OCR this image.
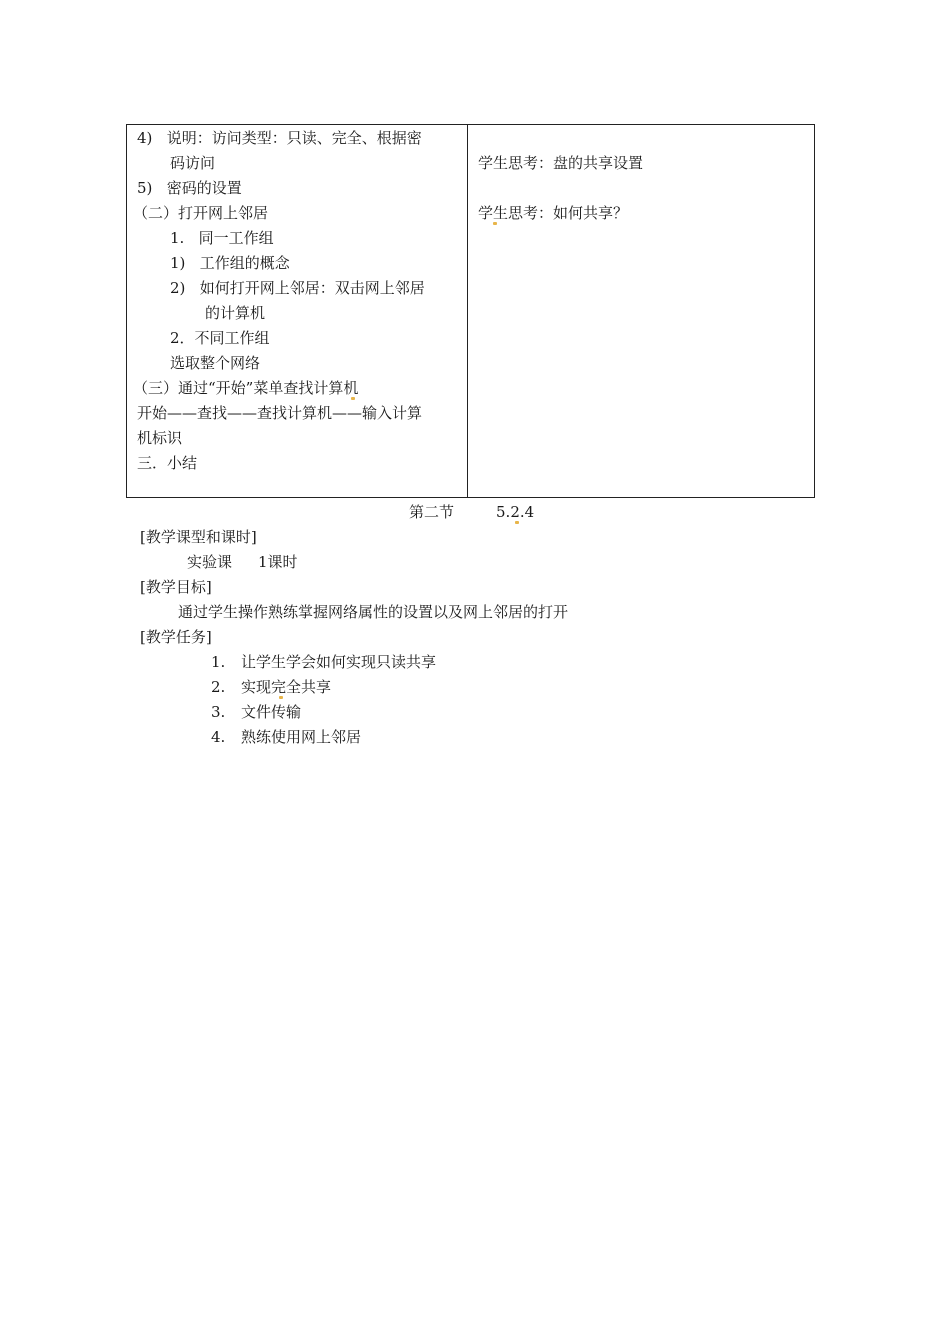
4)   说明：访问类型：只读、完全、根据密
码访问
5)   密码的设置
（二）打开网上邻居
1.   同一工作组
1)   工作组的概念
2)   如何打开网上邻居：双击网上邻居
的计算机
2．不同工作组
选取整个网络
（三）通过“开始”菜单查找计算机
开始——查找——查找计算机——输入计算
机标识
三．小结
学生思考：盘的共享设置
学生思考：如何共享？
第二节	5.2.4
[教学课型和课时]
实验课 1课时
[教学目标]
通过学生操作熟练掌握网络属性的设置以及网上邻居的打开
[教学任务]
1. 让学生学会如何实现只读共享
2. 实现完全共享
3. 文件传输
4. 熟练使用网上邻居
